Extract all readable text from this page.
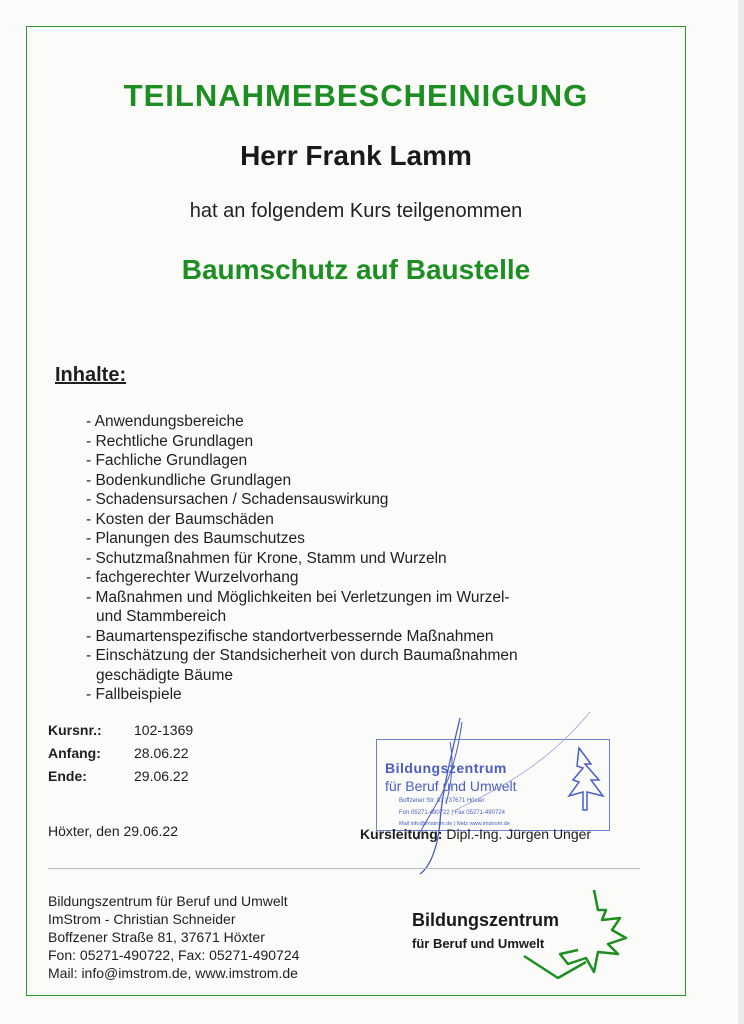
TEILNAHMEBESCHEINIGUNG
Herr Frank Lamm
hat an folgendem Kurs teilgenommen
Baumschutz auf Baustelle
Inhalte:
- Anwendungsbereiche
- Rechtliche Grundlagen
- Fachliche Grundlagen
- Bodenkundliche Grundlagen
- Schadensursachen / Schadensauswirkung
- Kosten der Baumschäden
- Planungen des Baumschutzes
- Schutzmaßnahmen für Krone, Stamm und Wurzeln
- fachgerechter Wurzelvorhang
- Maßnahmen und Möglichkeiten bei Verletzungen im Wurzel- und Stammbereich
- Baumartenspezifische standortverbessernde Maßnahmen
- Einschätzung der Standsicherheit von durch Baumaßnahmen geschädigte Bäume
- Fallbeispiele
Kursnr.: 102-1369
Anfang: 28.06.22
Ende:	29.06.22
Höxter, den 29.06.22
Bildungszentrum
für Beruf und Umwelt
Boffzener Str. 81 | 37671 Höxter
Fon 05271-490722 | Fax 05271-490724
Mail info@imstrom.de | Netz www.imstrom.de
Kursleitung: Dipl.-Ing. Jürgen Unger
Bildungszentrum für Beruf und Umwelt
ImStrom - Christian Schneider
Boffzener Straße 81, 37671 Höxter
Fon: 05271-490722, Fax: 05271-490724
Mail: info@imstrom.de, www.imstrom.de
Bildungszentrum
für Beruf und Umwelt
